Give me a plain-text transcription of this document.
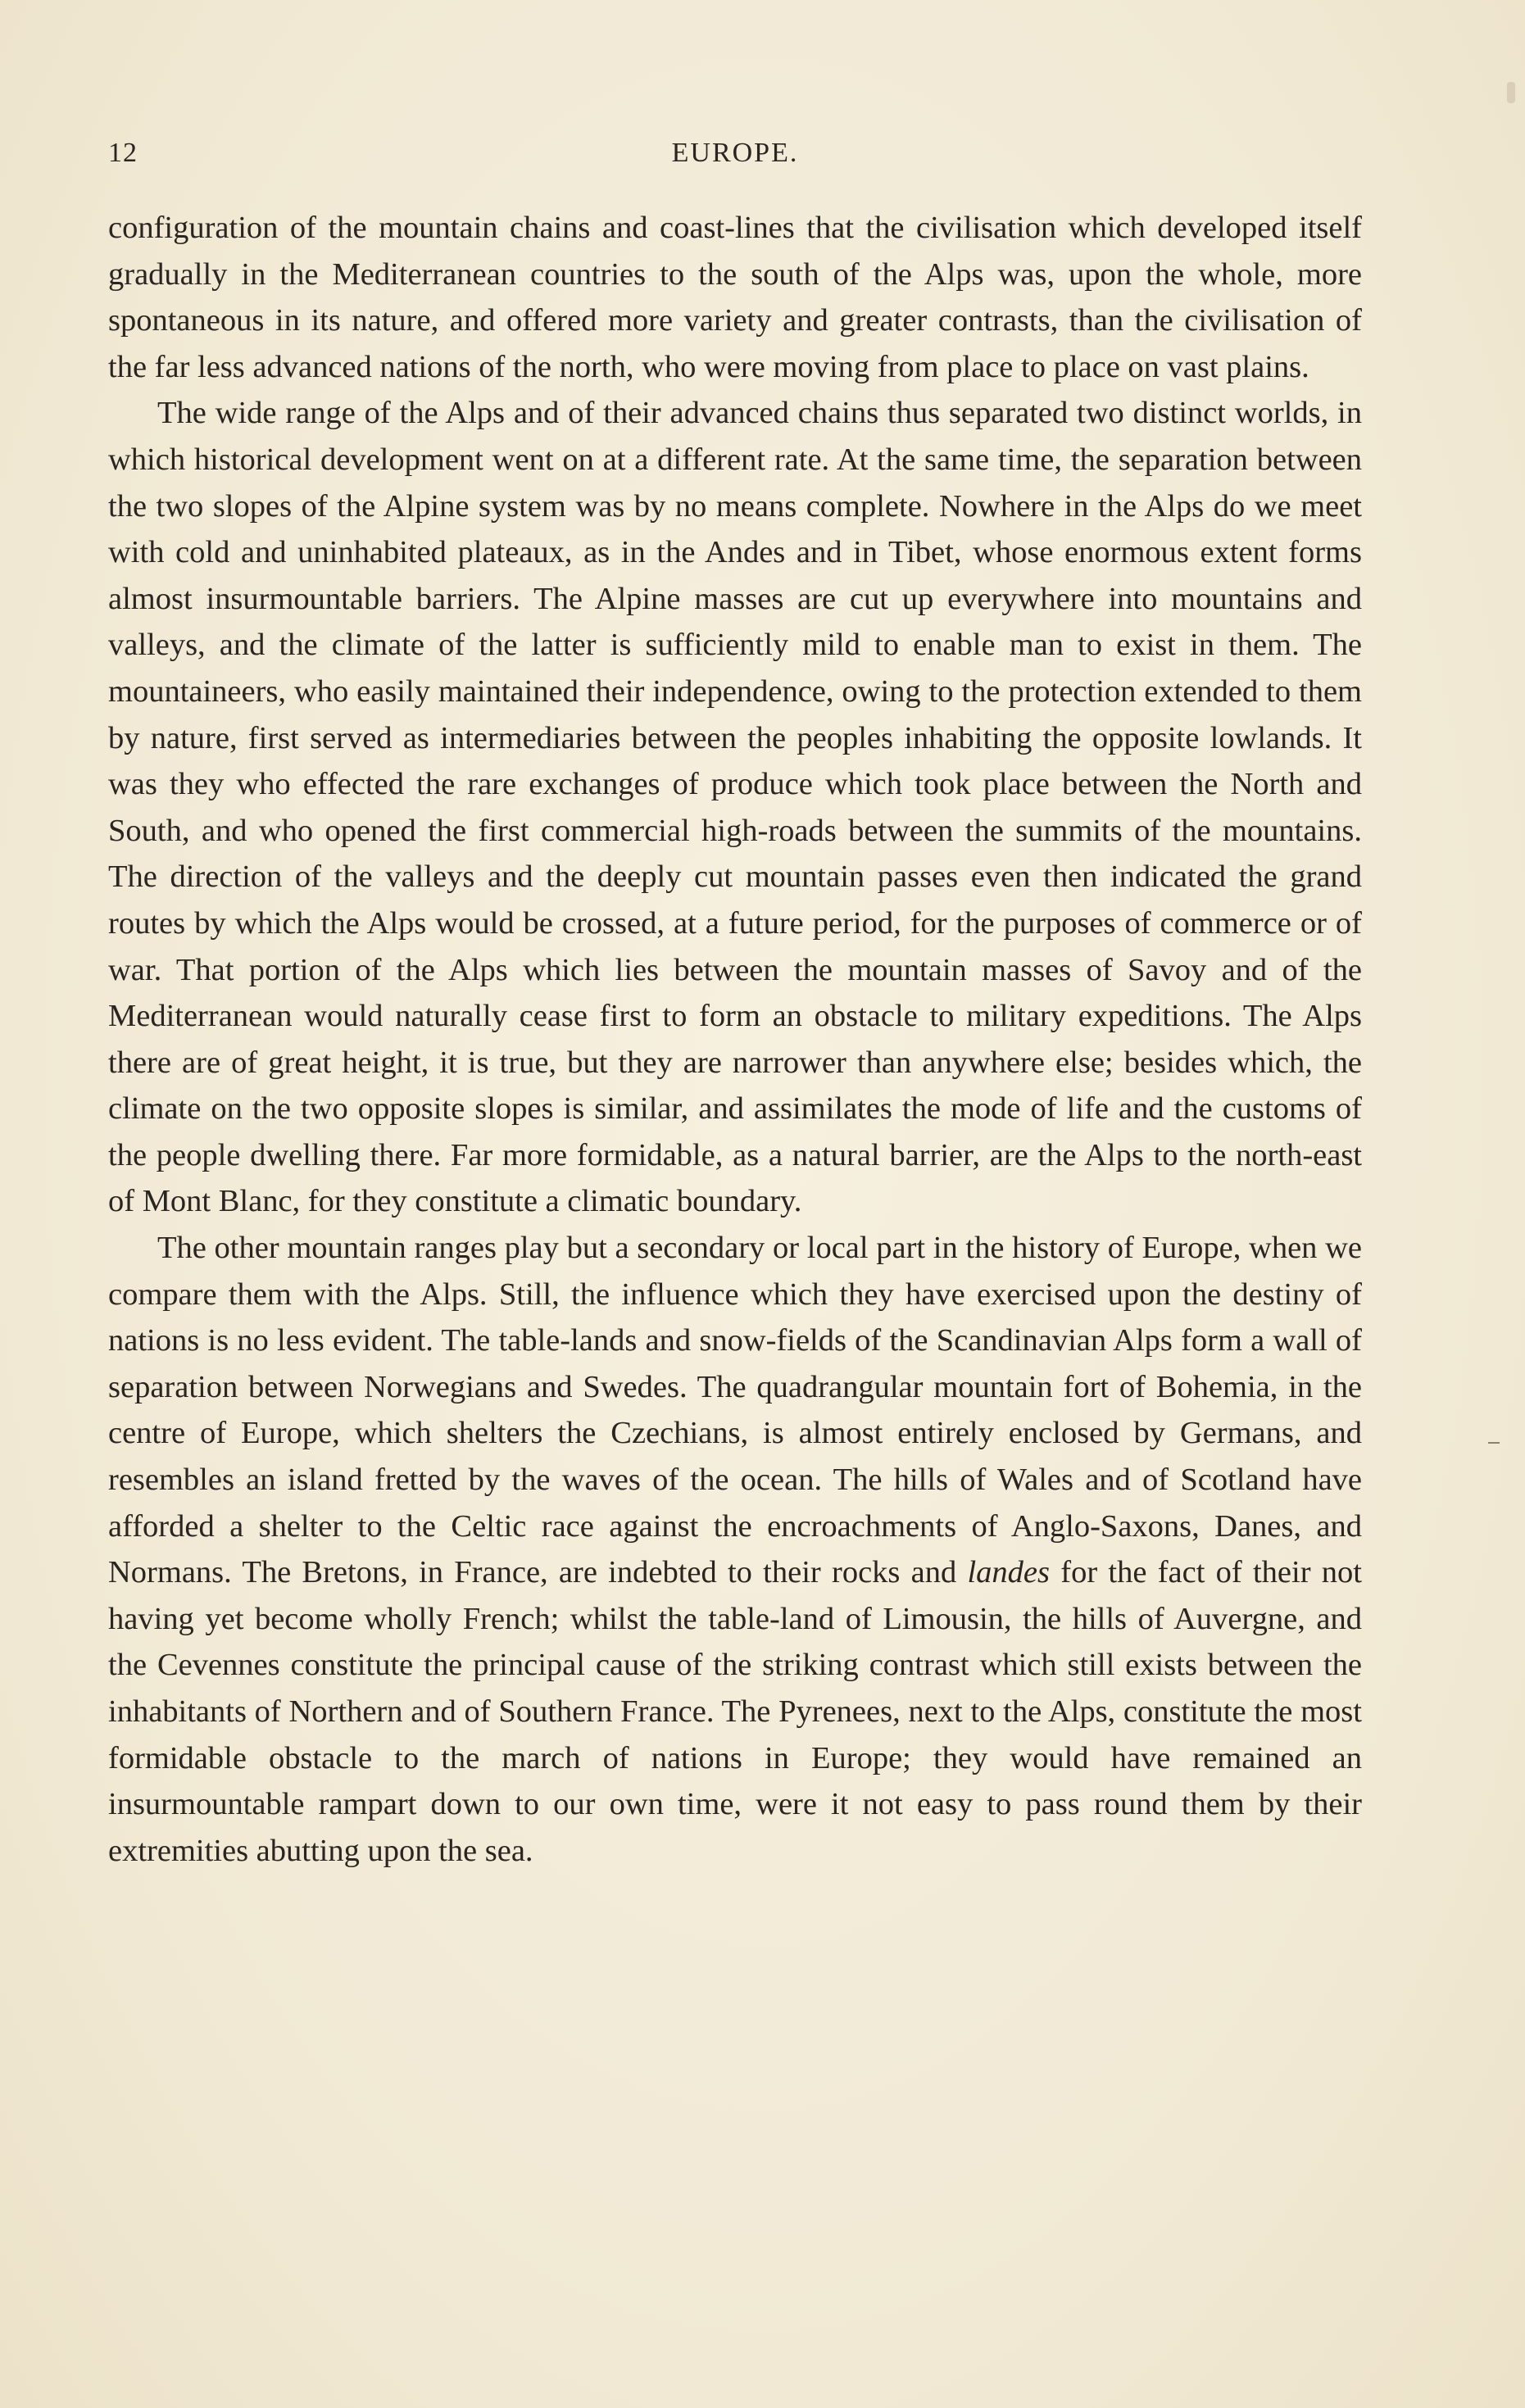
12	EUROPE.

configuration of the mountain chains and coast-lines that the civilisation which developed itself gradually in the Mediterranean countries to the south of the Alps was, upon the whole, more spontaneous in its nature, and offered more variety and greater contrasts, than the civilisation of the far less advanced nations of the north, who were moving from place to place on vast plains.

The wide range of the Alps and of their advanced chains thus separated two distinct worlds, in which historical development went on at a different rate. At the same time, the separation between the two slopes of the Alpine system was by no means complete. Nowhere in the Alps do we meet with cold and uninhabited plateaux, as in the Andes and in Tibet, whose enormous extent forms almost insurmountable barriers. The Alpine masses are cut up everywhere into mountains and valleys, and the climate of the latter is sufficiently mild to enable man to exist in them. The mountaineers, who easily maintained their independence, owing to the protection extended to them by nature, first served as intermediaries between the peoples inhabiting the opposite lowlands. It was they who effected the rare exchanges of produce which took place between the North and South, and who opened the first commercial high-roads between the summits of the mountains. The direction of the valleys and the deeply cut mountain passes even then indicated the grand routes by which the Alps would be crossed, at a future period, for the purposes of commerce or of war. That portion of the Alps which lies between the mountain masses of Savoy and of the Mediterranean would naturally cease first to form an obstacle to military expeditions. The Alps there are of great height, it is true, but they are narrower than anywhere else; besides which, the climate on the two opposite slopes is similar, and assimilates the mode of life and the customs of the people dwelling there. Far more formidable, as a natural barrier, are the Alps to the north-east of Mont Blanc, for they constitute a climatic boundary.

The other mountain ranges play but a secondary or local part in the history of Europe, when we compare them with the Alps. Still, the influence which they have exercised upon the destiny of nations is no less evident. The table-lands and snow-fields of the Scandinavian Alps form a wall of separation between Norwegians and Swedes. The quadrangular mountain fort of Bohemia, in the centre of Europe, which shelters the Czechians, is almost entirely enclosed by Germans, and resembles an island fretted by the waves of the ocean. The hills of Wales and of Scotland have afforded a shelter to the Celtic race against the encroachments of Anglo-Saxons, Danes, and Normans. The Bretons, in France, are indebted to their rocks and landes for the fact of their not having yet become wholly French; whilst the table-land of Limousin, the hills of Auvergne, and the Cevennes constitute the principal cause of the striking contrast which still exists between the inhabitants of Northern and of Southern France. The Pyrenees, next to the Alps, constitute the most formidable obstacle to the march of nations in Europe; they would have remained an insurmountable rampart down to our own time, were it not easy to pass round them by their extremities abutting upon the sea.
